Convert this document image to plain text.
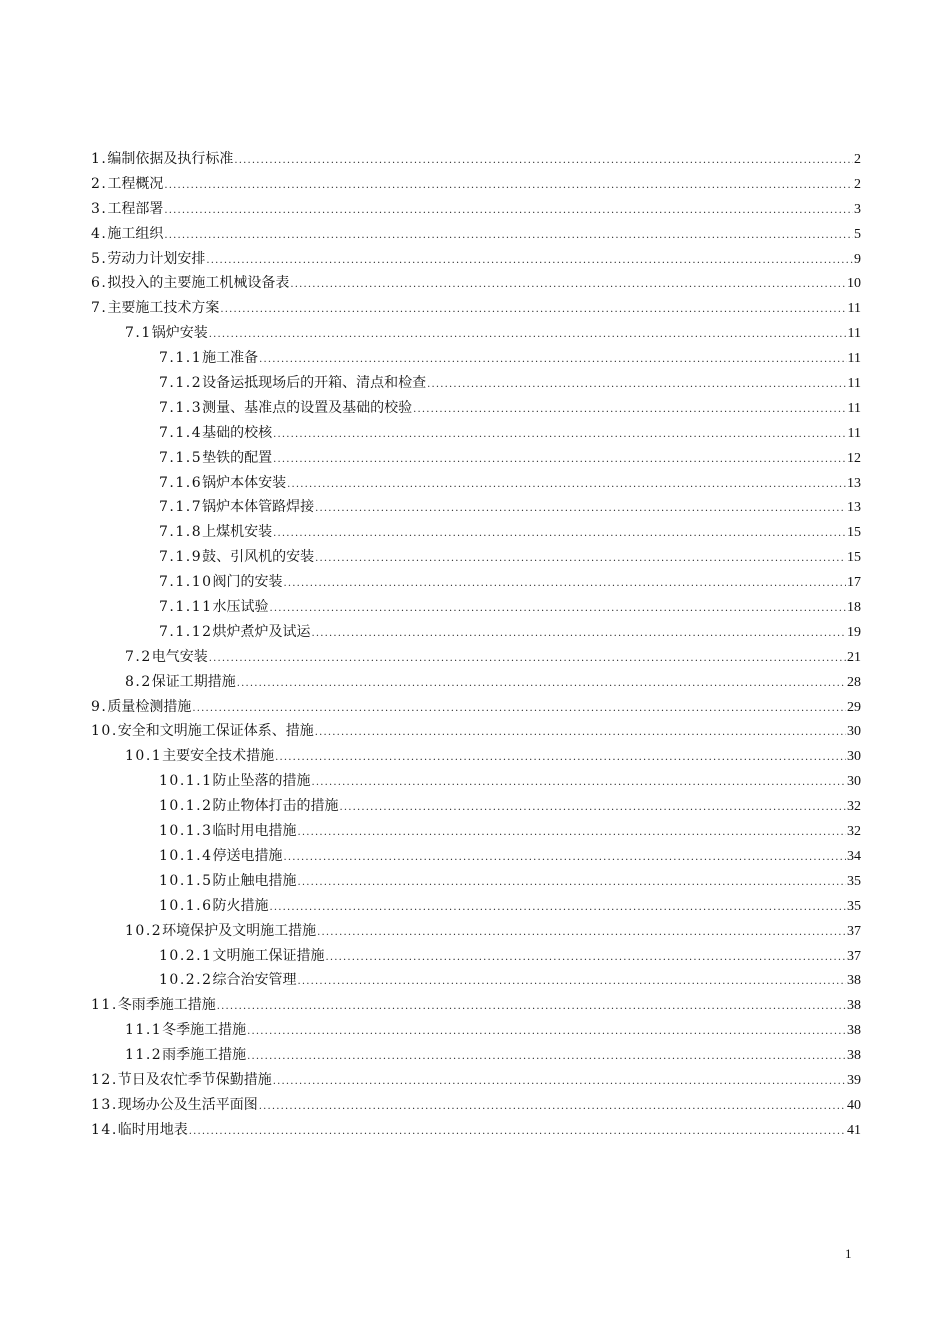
1. 编制依据及执行标准 .....	2
2. 工程概况 .....	2
3. 工程部署 .....	3
4. 施工组织 .....	5
5. 劳动力计划安排 .....	9
6. 拟投入的主要施工机械设备表 .....	10
7. 主要施工技术方案 .....	11
7.1 锅炉安装 .....	11
7.1.1 施工准备 .....	11
7.1.2 设备运抵现场后的开箱、清点和检查 .....	11
7.1.3 测量、基准点的设置及基础的校验 .....	11
7.1.4 基础的校核 .....	11
7.1.5 垫铁的配置 .....	12
7.1.6 锅炉本体安装 .....	13
7.1.7 锅炉本体管路焊接 .....	13
7.1.8 上煤机安装 .....	15
7.1.9 鼓、引风机的安装 .....	15
7.1.10 阀门的安装 .....	17
7.1.11 水压试验 .....	18
7.1.12 烘炉煮炉及试运 .....	19
7.2 电气安装 .....	21
8.2 保证工期措施 .....	28
9. 质量检测措施 .....	29
10. 安全和文明施工保证体系、措施 .....	30
10.1 主要安全技术措施 .....	30
10.1.1 防止坠落的措施 .....	30
10.1.2 防止物体打击的措施 .....	32
10.1.3 临时用电措施 .....	32
10.1.4 停送电措施 .....	34
10.1.5 防止触电措施 .....	35
10.1.6 防火措施 .....	35
10.2 环境保护及文明施工措施 .....	37
10.2.1 文明施工保证措施 .....	37
10.2.2 综合治安管理 .....	38
11. 冬雨季施工措施 .....	38
11.1 冬季施工措施 .....	38
11.2 雨季施工措施 .....	38
12. 节日及农忙季节保勤措施 .....	39
13. 现场办公及生活平面图 .....	40
14. 临时用地表 .....	41
1
